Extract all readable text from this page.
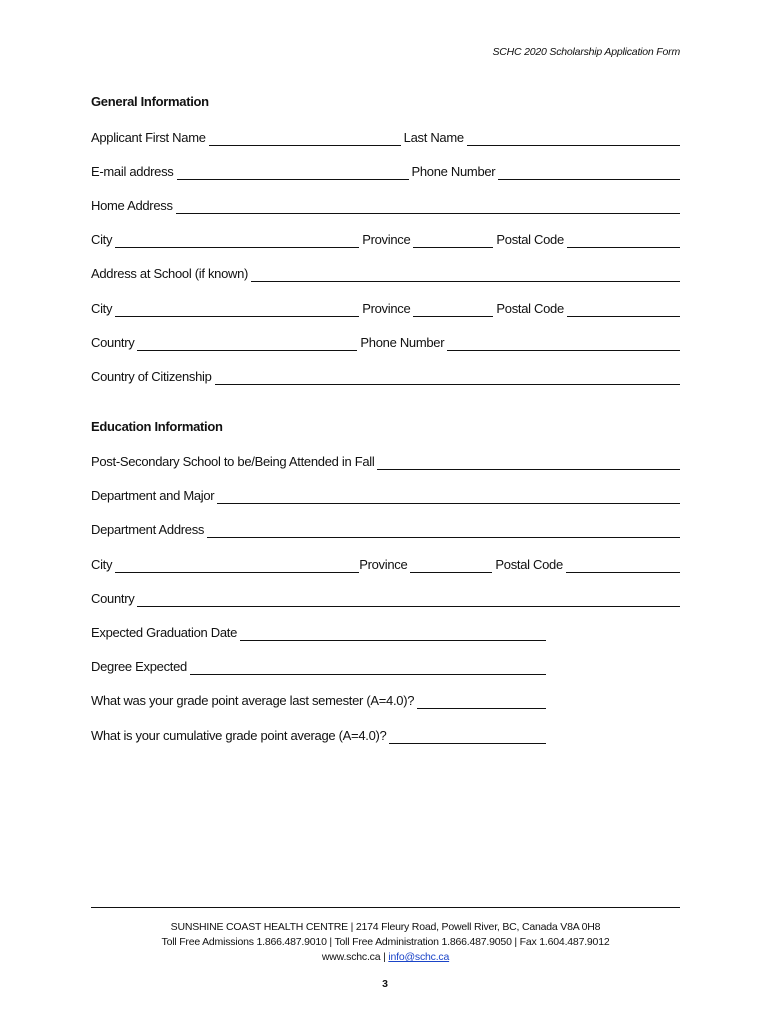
SCHC 2020 Scholarship Application Form
General Information
Applicant First Name	Last Name
E-mail address	Phone Number
Home Address
City	Province	Postal Code
Address at School (if known)
City	Province	Postal Code
Country	Phone Number
Country of Citizenship
Education Information
Post-Secondary School to be/Being Attended in Fall
Department and Major
Department Address
City	Province	Postal Code
Country
Expected Graduation Date
Degree Expected
What was your grade point average last semester (A=4.0)?
What is your cumulative grade point average (A=4.0)?
SUNSHINE COAST HEALTH CENTRE | 2174 Fleury Road, Powell River, BC, Canada V8A 0H8
Toll Free Admissions 1.866.487.9010 | Toll Free Administration 1.866.487.9050 | Fax 1.604.487.9012
www.schc.ca | info@schc.ca
3
